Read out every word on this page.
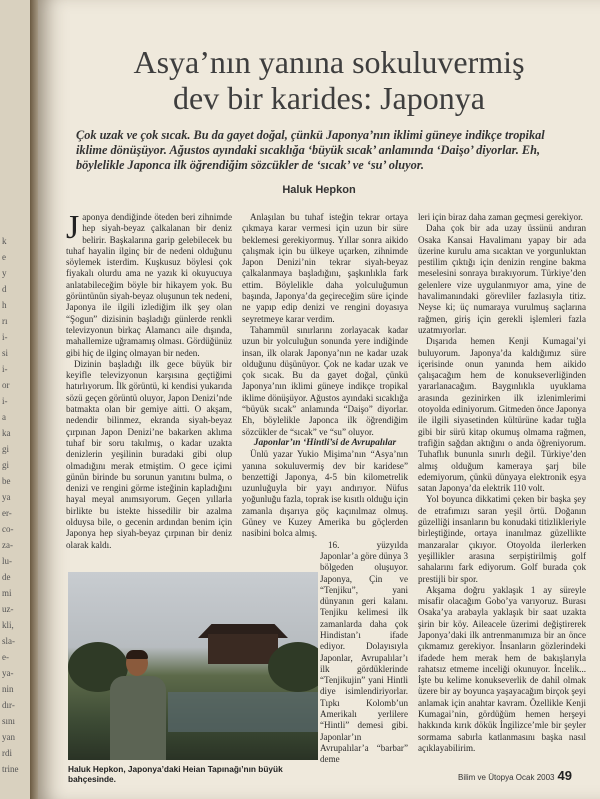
k
e
y
d
h
rı
i-
si
i-
or
i-
a
ka
gi
gi
be
ya
er-
co-
za-
lu-
de
mi
uz-
kli,
sla-
e-
ya-
nin
dır-
sını
yan
rdi
trine
Asya’nın yanına sokuluvermiş
dev bir karides: Japonya

Çok uzak ve çok sıcak. Bu da gayet doğal, çünkü Japonya’nın iklimi güneye indikçe tropikal iklime dönüşüyor. Ağustos ayındaki sıcaklığa ‘büyük sıcak’ anlamında ‘Daişo’ diyorlar. Eh, böylelikle Japonca ilk öğrendiğim sözcükler de ‘sıcak’ ve ‘su’ oluyor.

Haluk Hepkon

Japonya dendiğinde öteden beri zihnimde hep siyah-beyaz çalkalanan bir deniz belirir. Başkalarına garip gelebilecek bu tuhaf hayalin ilginç bir de nedeni olduğunu söylemek isterdim. Kuşkusuz böylesi çok fiyakalı olurdu ama ne yazık ki okuyucuya anlatabileceğim böyle bir hikayem yok. Bu görüntünün siyah-beyaz oluşunun tek nedeni, Japonya ile ilgili izlediğim ilk şey olan “Şogun” dizisinin başladığı günlerde renkli televizyonun birkaç Alamancı aile dışında, mahallemize uğramamış olması. Gördüğünüz gibi hiç de ilginç olmayan bir neden.

Dizinin başladığı ilk gece büyük bir keyifle televizyonun karşısına geçtiğimi hatırlıyorum. İlk görüntü, ki kendisi yukarıda sözü geçen görüntü oluyor, Japon Denizi’nde batmakta olan bir gemiye aitti. O akşam, nedendir bilinmez, ekranda siyah-beyaz çırpınan Japon Denizi’ne bakarken aklıma tuhaf bir soru takılmış, o kadar uzakta denizlerin yeşilinin buradaki gibi olup olmadığını merak etmiştim. O gece içimi günün birinde bu sorunun yanıtını bulma, o denizi ve rengini görme isteğinin kapladığını hayal meyal anımsıyorum. Geçen yıllarla birlikte bu istekte hissedilir bir azalma olduysa bile, o gecenin ardından benim için Japonya hep siyah-beyaz çırpınan bir deniz olarak kaldı.

Anlaşılan bu tuhaf isteğin tekrar ortaya çıkmaya karar vermesi için uzun bir süre beklemesi gerekiyormuş. Yıllar sonra aikido çalışmak için bu ülkeye uçarken, zihnimde Japon Denizi’nin tekrar siyah-beyaz çalkalanmaya başladığını, şaşkınlıkla fark ettim. Böylelikle daha yolculuğumun başında, Japonya’da geçireceğim süre içinde ne yapıp edip denizi ve rengini doyasıya seyretmeye karar verdim.

Tahammül sınırlarını zorlayacak kadar uzun bir yolculuğun sonunda yere indiğinde insan, ilk olarak Japonya’nın ne kadar uzak olduğunu düşünüyor. Çok ne kadar uzak ve çok sıcak. Bu da gayet doğal, çünkü Japonya’nın iklimi güneye indikçe tropikal iklime dönüşüyor. Ağustos ayındaki sıcaklığa “büyük sıcak” anlamında “Daişo” diyorlar. Eh, böylelikle Japonca ilk öğrendiğim sözcükler de “sıcak” ve “su” oluyor.

Japonlar’ın ‘Hintli’si de Avrupalılar

Ünlü yazar Yukio Mişima’nın “Asya’nın yanına sokuluvermiş dev bir karidese” benzettiği Japonya, 4-5 bin kilometrelik uzunluğuyla bir yayı andırıyor. Nüfus yoğunluğu fazla, toprak ise kısıtlı olduğu için zamanla dışarıya göç kaçınılmaz olmuş. Güney ve Kuzey Amerika bu göçlerden nasibini bolca almış.

16. yüzyılda Japonlar’a göre dünya 3 bölgeden oluşuyor. Japonya, Çin ve “Tenjiku”, yani dünyanın geri kalanı. Tenjiku kelimesi ilk zamanlarda daha çok Hindistan’ı ifade ediyor. Dolayısıyla Japonlar, Avrupalılar’ı ilk gördüklerinde “Tenjikujin” yani Hintli diye isimlendiriyorlar. Tıpkı Kolomb’un Amerikalı yerlilere “Hintli” demesi gibi. Japonlar’ın Avrupalılar’a “barbar” deme

leri için biraz daha zaman geçmesi gerekiyor.

Daha çok bir ada uzay üssünü andıran Osaka Kansai Havalimanı yapay bir ada üzerine kurulu ama sıcaktan ve yorgunluktan pestilim çıktığı için denizin rengine bakma meselesini sonraya bırakıyorum. Türkiye’den gelenlere vize uygulanmıyor ama, yine de havalimanındaki görevliler fazlasıyla titiz. Neyse ki; üç numaraya vurulmuş saçlarına rağmen, giriş için gerekli işlemleri fazla uzatmıyorlar.

Dışarıda hemen Kenji Kumagai’yi buluyorum. Japonya’da kaldığımız süre içerisinde onun yanında hem aikido çalışacağım hem de konukseverliğinden yararlanacağım. Baygınlıkla uyuklama arasında gezinirken ilk izlenimlerimi otoyolda ediniyorum. Gitmeden önce Japonya ile ilgili siyasetinden kültürüne kadar tuğla gibi bir sürü kitap okumuş olmama rağmen, trafiğin sağdan aktığını o anda öğreniyorum. Tuhaflık bununla sınırlı değil. Türkiye’den almış olduğum kameraya şarj bile edemiyorum, çünkü dünyaya elektronik eşya satan Japonya’da elektrik 110 volt.

Yol boyunca dikkatimi çeken bir başka şey de etrafımızı saran yeşil örtü. Doğanın güzelliği insanların bu konudaki titizlikleriyle birleştiğinde, ortaya inanılmaz güzellikte manzaralar çıkıyor. Otoyolda ilerlerken yeşillikler arasına serpiştirilmiş golf sahalarını fark ediyorum. Golf burada çok prestijli bir spor.

Akşama doğru yaklaşık 1 ay süreyle misafir olacağım Gobo’ya varıyoruz. Burası Osaka’ya arabayla yaklaşık bir saat uzakta şirin bir köy. Aileacele üzerimi değiştirerek Japonya’daki ilk antrenmanımıza bir an önce çıkmamız gerekiyor. İnsanların gözlerindeki ifadede hem merak hem de bakışlarıyla rahatsız etmeme inceliği okunuyor. İncelik... İşte bu kelime konukseverlik de dahil olmak üzere bir ay boyunca yaşayacağım birçok şeyi anlamak için anahtar kavram. Özellikle Kenji Kumagai’nin, gördüğüm hemen herşeyi hakkında kırık dökük İngilizce’mle bir şeyler sormama sabırla katlanmasını başka nasıl açıklayabilirim.

Haluk Hepkon, Japonya’daki Heian Tapınağı’nın büyük bahçesinde.	Bilim ve Ütopya Ocak 2003 49
